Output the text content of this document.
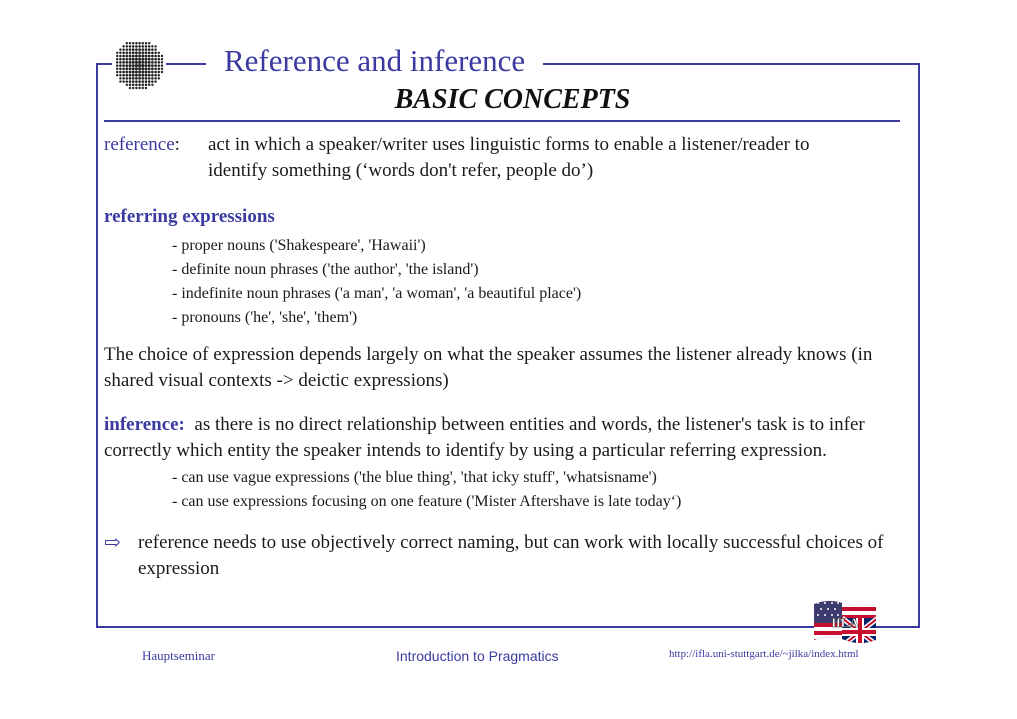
Reference and inference
BASIC CONCEPTS
reference:	act in which a speaker/writer uses linguistic forms to enable a listener/reader to
identify something (‘words don't refer, people do’)
referring expressions
- proper nouns ('Shakespeare', 'Hawaii')
- definite noun phrases ('the author', 'the island')
- indefinite noun phrases ('a man', 'a woman', 'a beautiful place')
- pronouns ('he', 'she', 'them')
The choice of expression depends largely on what the speaker assumes the listener already knows (in shared visual contexts -> deictic expressions)
inference: as there is no direct relationship between entities and words, the listener's task is to infer correctly which entity the speaker intends to identify by using a particular referring expression.
- can use vague expressions ('the blue thing', 'that icky stuff', 'whatsisname')
- can use expressions focusing on one feature ('Mister Aftershave is late today‘)
⇨ reference needs to use objectively correct naming, but can work with locally successful choices of expression
IfLA
Hauptseminar	Introduction to Pragmatics	http://ifla.uni-stuttgart.de/~jilka/index.html
